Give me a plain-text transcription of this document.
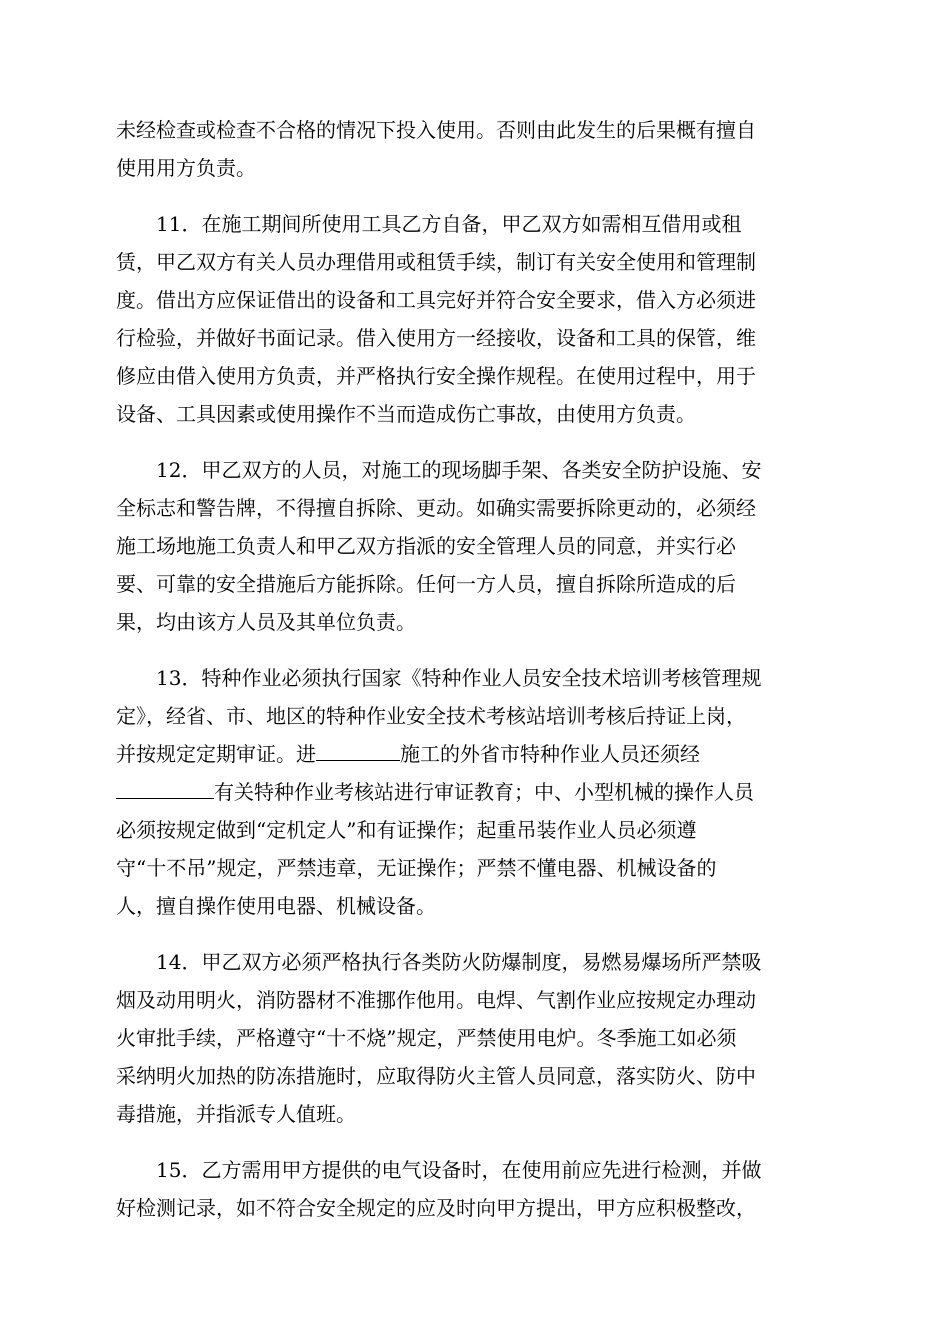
未经检查或检查不合格的情况下投入使用。否则由此发生的后果概有擅自
使用用方负责。
11．在施工期间所使用工具乙方自备，甲乙双方如需相互借用或租
赁，甲乙双方有关人员办理借用或租赁手续，制订有关安全使用和管理制
度。借出方应保证借出的设备和工具完好并符合安全要求，借入方必须进
行检验，并做好书面记录。借入使用方一经接收，设备和工具的保管，维
修应由借入使用方负责，并严格执行安全操作规程。在使用过程中，用于
设备、工具因素或使用操作不当而造成伤亡事故，由使用方负责。
12．甲乙双方的人员，对施工的现场脚手架、各类安全防护设施、安
全标志和警告牌，不得擅自拆除、更动。如确实需要拆除更动的，必须经
施工场地施工负责人和甲乙双方指派的安全管理人员的同意，并实行必
要、可靠的安全措施后方能拆除。任何一方人员，擅自拆除所造成的后
果，均由该方人员及其单位负责。
13．特种作业必须执行国家《特种作业人员安全技术培训考核管理规
定》，经省、市、地区的特种作业安全技术考核站培训考核后持证上岗，
并按规定定期审证。进	施工的外省市特种作业人员还须经
有关特种作业考核站进行审证教育；中、小型机械的操作人员
必须按规定做到“定机定人”和有证操作；起重吊装作业人员必须遵
守“十不吊”规定，严禁违章，无证操作；严禁不懂电器、机械设备的
人，擅自操作使用电器、机械设备。
14．甲乙双方必须严格执行各类防火防爆制度，易燃易爆场所严禁吸
烟及动用明火，消防器材不准挪作他用。电焊、气割作业应按规定办理动
火审批手续，严格遵守“十不烧”规定，严禁使用电炉。冬季施工如必须
采纳明火加热的防冻措施时，应取得防火主管人员同意，落实防火、防中
毒措施，并指派专人值班。
15．乙方需用甲方提供的电气设备时，在使用前应先进行检测，并做
好检测记录，如不符合安全规定的应及时向甲方提出，甲方应积极整改，
